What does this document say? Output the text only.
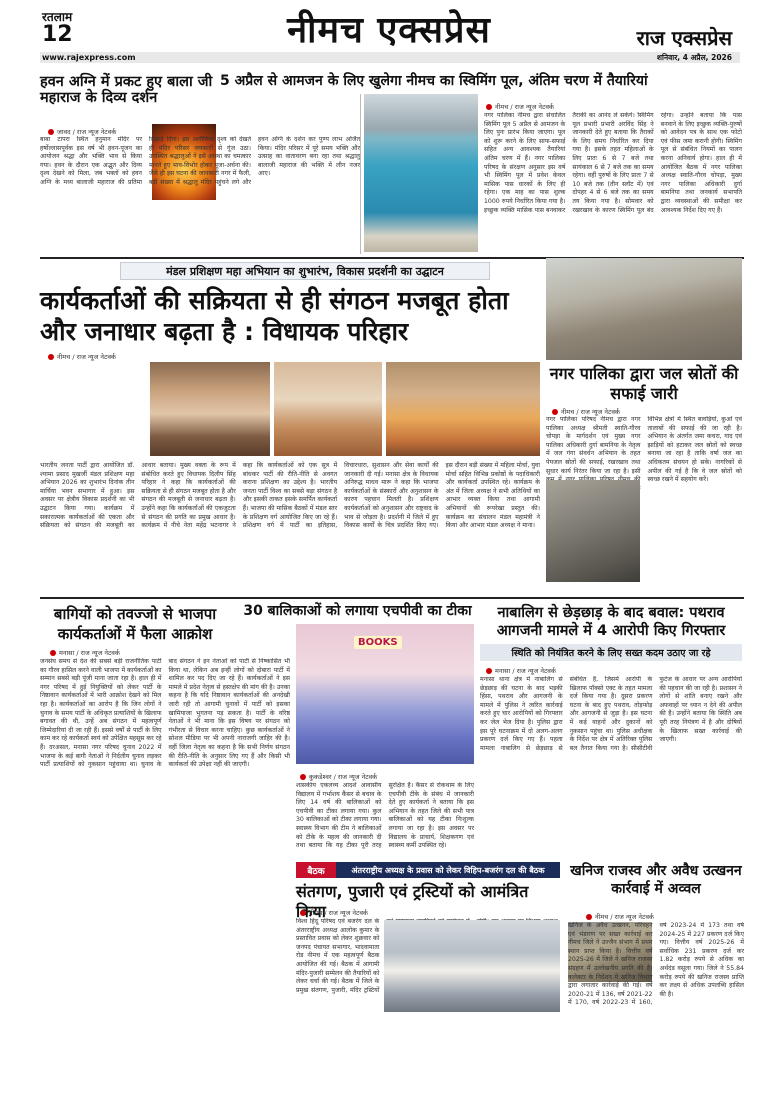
रतलाम
12	नीमच एक्सप्रेस	राज एक्सप्रेस
www.rajexpress.com	शनिवार, 4 अप्रैल, 2026
हवन अग्नि में प्रकट हुए बाला जी महाराज के दिव्य दर्शन
जावद / राज न्यूज नेटवर्क
बाबा टापरा स्थित हनुमान मंदिर पर हर्षोल्लासपूर्वक इस वर्ष भी हवन-पूजन का आयोजन श्रद्धा और भक्ति भाव से किया गया। हवन के दौरान एक अद्भुत और दिव्य दृश्य देखने को मिला, जब भक्तों को हवन अग्नि के मध्य बालाजी महाराज की प्रतिमा दिखाई दिया। इस अलौकिक दृश्य को देखते ही मंदिर परिसर जयकारों से गूंज उठा। उपस्थित श्रद्धालुओं ने इसे आस्था का चमत्कार मानते हुए भाव-विभोर होकर पूजा-अर्चना की। जैसे ही इस घटना की जानकारी नगर में फैली, बड़ी संख्या में श्रद्धालु मंदिर पहुंचने लगे और हवन अग्नि के दर्शन कर पुण्य लाभ अर्जित किया। मंदिर परिसर में पूरे समय भक्ति और उत्साह का वातावरण बना रहा तथा श्रद्धालु बालाजी महाराज की भक्ति में लीन नजर आए।
5 अप्रैल से आमजन के लिए खुलेगा नीमच का स्विमिंग पूल, अंतिम चरण में तैयारियां
नीमच / राज न्यूज नेटवर्क
नगर पालिका नीमच द्वारा संचालित स्विमिंग पूल 5 अप्रैल से आमजन के लिए पुनः प्रारंभ किया जाएगा। पूल को शुरू करने के लिए साफ-सफाई सहित अन्य आवश्यक तैयारियां अंतिम चरण में हैं। नगर पालिका परिषद के संरक्षण अनुसार इस वर्ष भी स्विमिंग पूल में प्रवेश केवल मासिक पास धारकों के लिए ही रहेगा। एक माह का पास शुल्क 1000 रुपये निर्धारित किया गया है। इच्छुक व्यक्ति मासिक पास बनवाकर तैराकी का आनंद ले सकेंगे। स्विमिंग पूल प्रभारी प्रभारी अरविंद सिंह ने जानकारी देते हुए बताया कि तैराकों के लिए समय निर्धारित कर दिया गया है। इसके तहत महिलाओं के लिए प्रातः 6 से 7 बजे तथा सायंकाल 6 से 7 बजे तक का समय रहेगा। वहीं पुरुषों के लिए प्रातः 7 से 10 बजे तक (तीन स्लॉट में) एवं दोपहर 4 से 6 बजे तक का समय तय किया गया है। सोमवार को रखरखाव के कारण स्विमिंग पूल बंद रहेगा। उन्होंने बताया कि पास बनवाने के लिए इच्छुक व्यक्ति-पुरुषों को आवेदन पत्र के साथ एक फोटो एवं फीस जमा करानी होगी। स्विमिंग पूल से संबंधित नियमों का पालन करना अनिवार्य होगा। हाल ही में आयोजित बैठक में नगर पालिका अध्यक्ष स्वाति-गौरव चोपड़ा, मुख्य नगर पालिका अधिकारी दुर्गा बामनिया तथा जनकार्य सभापति द्वारा व्यवस्थाओं की समीक्षा कर आवश्यक निर्देश दिए गए हैं।
मंडल प्रशिक्षण महा अभियान का शुभारंभ, विकास प्रदर्शनी का उद्घाटन
कार्यकर्ताओं की सक्रियता से ही संगठन मजबूत होता और जनाधार बढ़ता है : विधायक परिहार
नीमच / राज न्यूज नेटवर्क
भारतीय जनता पार्टी द्वारा आयोजित डॉ. श्यामा प्रसाद मुखर्जी मंडल प्रशिक्षण महा अभियान 2026 का शुभारंभ दिनांक तीन मार्चिया भवन सभागार में हुआ। इस अवसर पर क्षेत्रीय विकास प्रदर्शनी का भी उद्घाटन किया गया। कार्यक्रम में सकारात्मक कार्यकर्ताओं की एकता और संक्रियता को संगठन की मजबूती का आधार बताया। मुख्य वक्ता के रूप में संबोधित करते हुए विधायक दिलीप सिंह परिहार ने कहा कि कार्यकर्ताओं की सक्रियता से ही संगठन मजबूत होता है और संगठन की मजबूती से जनाधार बढ़ता है। उन्होंने कहा कि कार्यकर्ताओं की एकजुटता से संगठन की प्रगति का प्रमुख आधार है। कार्यक्रम में नीचे नेता महेंद्र भटनागर ने कहा कि कार्यकर्ताओं को एक सूत्र में बांधकर पार्टी की रीति-नीति से अवगत कराना प्रशिक्षण का उद्देश्य है। भारतीय जनता पार्टी विश्व का सबसे बड़ा संगठन है और इसकी ताकत इसके समर्पित कार्यकर्ता हैं। भाजपा की मासिक बैठकों में मंडल स्तर के प्रशिक्षण वर्ग आयोजित किए जा रहे हैं। प्रशिक्षण वर्ग में पार्टी का इतिहास, विचारधारा, सुशासन और सेवा कार्यों की जानकारी दी गई। मनासा क्षेत्र के विधायक अनिरुद्ध माधव मारू ने कहा कि भाजपा कार्यकर्ताओं के संस्कारों और अनुशासन के कारण पहचान मिलती है। प्रशिक्षण कार्यकर्ताओं को अनुशासन और राष्ट्रवाद के भाव से जोड़ता है। प्रदर्शनी में जिले में हुए विकास कार्यों के चित्र प्रदर्शित किए गए। इस दौरान बड़ी संख्या में महिला मोर्चा, युवा मोर्चा सहित विभिन्न प्रकोष्ठों के पदाधिकारी और कार्यकर्ता उपस्थित रहे। कार्यक्रम के अंत में जिला अध्यक्ष ने सभी अतिथियों का आभार व्यक्त किया तथा आगामी अभियानों की रूपरेखा प्रस्तुत की। कार्यक्रम का संचालन मंडल महामंत्री ने किया और आभार मंडल अध्यक्ष ने माना।
नगर पालिका द्वारा जल स्रोतों की सफाई जारी
नीमच / राज न्यूज नेटवर्क
नगर पालिका परिषद नीमच द्वारा नगर पालिका अध्यक्ष श्रीमती स्वाति-गौरव चोपड़ा के मार्गदर्शन एवं मुख्य नगर पालिका अधिकारी दुर्गा बामनिया के नेतृत्व में जल गंगा संवर्धन अभियान के तहत पेयजल स्रोतों की सफाई, रखरखाव तथा सुधार कार्य निरंतर किया जा रहा है। इसी विभिन्न क्षेत्रों में स्थित बावड़ियों, कुओं एवं तालाबों की सफाई की जा रही है। अभियान के अंतर्गत जमा कचरा, गाद एवं झाड़ियों को हटाकर जल स्रोतों को स्वच्छ बनाया जा रहा है ताकि वर्षा जल का अधिकतम संचयन हो सके। नागरिकों से अपील की गई है कि वे जल स्रोतों को स्वच्छ रखने में सहयोग करें।
बागियों को तवज्जो से भाजपा कार्यकर्ताओं में फैला आक्रोश
मनासा / राज न्यूज नेटवर्क
जनसंघ समय से देश की सबसे बड़ी राजनीतिक पार्टी का गौरव हासिल करने वाली भाजपा में कार्यकर्ताओं का सम्मान सबसे बड़ी पूंजी माना जाता रहा है। हाल ही में नगर परिषद में हुई नियुक्तियों को लेकर पार्टी के निष्ठावान कार्यकर्ताओं में भारी आक्रोश देखने को मिल रहा है। कार्यकर्ताओं का आरोप है कि जिन लोगों ने चुनाव के समय पार्टी के अधिकृत प्रत्याशियों के खिलाफ बगावत की थी, उन्हें अब संगठन में महत्वपूर्ण जिम्मेदारियां दी जा रही हैं। इससे वर्षों से पार्टी के लिए काम कर रहे कार्यकर्ता स्वयं को उपेक्षित महसूस कर रहे हैं। दरअसल, मनासा नगर परिषद चुनाव 2022 में भाजपा के कई बागी नेताओं ने निर्दलीय चुनाव लड़कर पार्टी प्रत्याशियों को नुकसान पहुंचाया था। चुनाव के बाद संगठन ने इन नेताओं को पार्टी से निष्कासित भी किया था, लेकिन अब इन्हीं लोगों को दोबारा पार्टी में शामिल कर पद दिए जा रहे हैं। कार्यकर्ताओं ने इस मामले में प्रदेश नेतृत्व से हस्तक्षेप की मांग की है। उनका कहना है कि यदि निष्ठावान कार्यकर्ताओं की अनदेखी जारी रही तो आगामी चुनावों में पार्टी को इसका खामियाजा भुगतना पड़ सकता है। पार्टी के वरिष्ठ नेताओं ने भी माना कि इस विषय पर संगठन को गंभीरता से विचार करना चाहिए। कुछ कार्यकर्ताओं ने सोशल मीडिया पर भी अपनी नाराजगी जाहिर की है। वहीं जिला नेतृत्व का कहना है कि सभी निर्णय संगठन की रीति-नीति के अनुसार लिए गए हैं और किसी भी कार्यकर्ता की उपेक्षा नहीं की जाएगी।
30 बालिकाओं को लगाया एचपीवी का टीका
BOOKS
कुकडेश्वर / राज न्यूज नेटवर्क
शासकीय एकलव्य आदर्श आवासीय विद्यालय में गर्भाशय कैंसर से बचाव के लिए 14 वर्ष की बालिकाओं को एचपीवी का टीका लगाया गया। कुल 30 बालिकाओं को टीका लगाया गया। स्वास्थ्य विभाग की टीम ने बालिकाओं को टीके के महत्व की जानकारी दी तथा बताया कि यह टीका पूरी तरह सुरक्षित है। कैंसर से रोकथाम के लिए एचपीवी टीके के संबंध में जानकारी देते हुए कार्यकर्ता ने बताया कि इस अभियान के तहत जिले की सभी पात्र बालिकाओं को यह टीका निःशुल्क लगाया जा रहा है। इस अवसर पर विद्यालय के प्राचार्य, शिक्षकगण एवं स्वास्थ्य कर्मी उपस्थित रहे।
नाबालिग से छेड़छाड़ के बाद बवाल: पथराव आगजनी मामले में 4 आरोपी किए गिरफ्तार
स्थिति को नियंत्रित करने के लिए सख्त कदम उठाए जा रहे
मनासा / राज न्यूज नेटवर्क
मनासा थाना क्षेत्र में नाबालिग से छेड़छाड़ की घटना के बाद भड़की हिंसा, पथराव और आगजनी के मामले में पुलिस ने त्वरित कार्रवाई करते हुए चार आरोपियों को गिरफ्तार कर जेल भेज दिया है। पुलिस द्वारा इस पूरे घटनाक्रम में दो अलग-अलग प्रकरण दर्ज किए गए हैं। पहला मामला नाबालिग से छेड़छाड़ से संबंधित है, जिसमें आरोपी के खिलाफ पॉक्सो एक्ट के तहत मामला दर्ज किया गया है। दूसरा प्रकरण घटना के बाद हुए पथराव, तोड़फोड़ और आगजनी से जुड़ा है। इस घटना में कई वाहनों और दुकानों को नुकसान पहुंचा था। पुलिस अधीक्षक के निर्देश पर क्षेत्र में अतिरिक्त पुलिस बल तैनात किया गया है। सीसीटीवी फुटेज के आधार पर अन्य आरोपियों की पहचान की जा रही है। प्रशासन ने लोगों से शांति बनाए रखने और अफवाहों पर ध्यान न देने की अपील की है। उन्होंने बताया कि स्थिति अब पूरी तरह नियंत्रण में है और दोषियों के खिलाफ सख्त कार्रवाई की जाएगी।
बैठक	अंतरराष्ट्रीय अध्यक्ष के प्रवास को लेकर विहिप-बजरंग दल की बैठक
संतगण, पुजारी एवं ट्रस्टियों को आमंत्रित किया
नीमच / राज न्यूज नेटवर्क
विश्व हिंदू परिषद एवं बजरंग दल के अंतरराष्ट्रीय अध्यक्ष आलोक कुमार के प्रस्तावित प्रवास को लेकर शुक्रवार को जनपद पंचायत सभागार, भादवामाता रोड नीमच में एक महत्वपूर्ण बैठक आयोजित की गई। बैठक में आगामी मंदिर-पुजारी सम्मेलन की तैयारियों को लेकर चर्चा की गई। बैठक में जिले के प्रमुख संतगण, पुजारी, मंदिर ट्रस्टियों
खनिज राजस्व और अवैध उत्खनन कार्रवाई में अव्वल
नीमच / राज न्यूज नेटवर्क
खनिज के अवैध उत्खनन, परिवहन एवं भंडारण पर सख्त कार्रवाई कर नीमच जिले ने उज्जैन संभाग में प्रथम स्थान प्राप्त किया है। वित्तीय वर्ष 2025-26 में जिले ने खनिज राजस्व संग्रहण में उल्लेखनीय प्रगति की है। कलेक्टर के निर्देशन में खनिज विभाग द्वारा लगातार कार्रवाई की गई। वर्ष 2020-21 में 136, वर्ष 2021-22 में 170, वर्ष 2022-23 में 160, वर्ष 2023-24 में 173 तथा वर्ष 2024-25 में 227 प्रकरण दर्ज किए गए। वित्तीय वर्ष 2025-26 में सर्वाधिक 231 प्रकरण दर्ज कर 1.82 करोड़ रुपये से अधिक का अर्थदंड वसूला गया। जिले ने 55.84 करोड़ रुपये की खनिज राजस्व प्राप्ति कर लक्ष्य से अधिक उपलब्धि हासिल की है।
